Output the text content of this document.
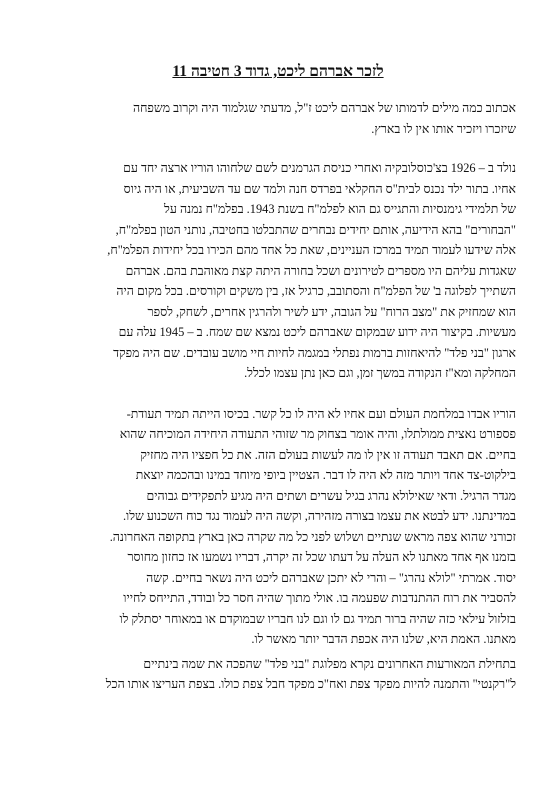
לזכר אברהם ליכט, גדוד 3 חטיבה 11
אכתוב כמה מילים לדמותו של אברהם ליכט ז"ל, מדעתי שגלמוד היה וקרוב משפחה
שיזכרו ויזכיר אותו אין לו בארץ.
נולד ב – 1926 בצ'כוסלובקיה ואחרי כניסת הגרמנים לשם שלחוהו הוריו ארצה יחד עם
אחיו. בתור ילד נכנס לבית"ס החקלאי בפרדס חנה ולמד שם עד השביעית, או היה גיוס
של תלמידי גימנסיות והתגייס גם הוא לפלמ"ח בשנת 1943. בפלמ"ח נמנה על
"הבחורים" בהא הידיעה, אותם יחידים נבחרים שהתבלטו בחטיבה, נותני הטון בפלמ"ח,
אלה שידעו לעמוד תמיד במרכז העניינים, שאת כל אחד מהם הכירו בכל יחידות הפלמ"ח,
שאגדות עליהם היו מספרים לטירונים ושכל בחורה היתה קצת מאוהבת בהם. אברהם
השתייך לפלוגה ב' של הפלמ"ח והסתובב, כרגיל אז, בין משקים וקורסים. בכל מקום היה
הוא שמחזיק את "מצב הרוח" על הגובה, ידע לשיר ולהרגין אחרים, לשחק, לספר
מעשיות. בקיצור היה ידוע שבמקום שאברהם ליכט נמצא שם שמח. ב – 1945 עלה עם
ארגון "בני פלד" להיאחזות ברמות נפתלי במגמה לחיות חיי מושב עובדים. שם היה מפקד
המחלקה ומא"ז הנקודה במשך זמן, וגם כאן נתן עצמו לכלל.
הוריו אבדו במלחמת העולם ועם אחיו לא היה לו כל קשר. בכיסו הייתה תמיד תעודת-
פספורט נאצית ממולתלו, והיה אומר בצחוק מר שזוהי התעודה היחידה המוכיחה שהוא
בחיים. אם תאבד תעודה זו אין לו מה לעשות בעולם הזה. את כל חפציו היה מחזיק
בילקוט-צד אחד ויותר מזה לא היה לו דבר. הצטיין ביופי מיוחד במינו ובהכמה יוצאת
מגדר הרגיל. ודאי שאילולא נהרג בגיל עשרים ושתים היה מגיע לתפקידים גבוהים
במדינתנו. ידע לבטא את עצמו בצורה מזהירה, וקשה היה לעמוד נגד כוח השכנוע שלו.
זכורני שהוא צפה מראש שנתיים ושלוש לפני כל מה שקרה כאן בארץ בתקופה האחרונה.
בזמנו אף אחד מאתנו לא העלה על דעתו שכל זה יקרה, דבריו נשמעו אז כחזון מחוסר
יסוד. אמרתי "לולא נהרג" – והרי לא יתכן שאברהם ליכט היה נשאר בחיים. קשה
להסביר את רוח ההתנדבות שפעמה בו. אולי מתוך שהיה חסר כל ובודד, התייחס לחייו
בזלזול עילאי כזה שהיה ברור תמיד גם לו וגם לנו חבריו שבמוקדם או במאוחר יסתלק לו
מאתנו. האמת היא, שלנו היה אכפת הדבר יותר מאשר לו.
בתחילת המאורעות האחרונים נקרא מפלוגת "בני פלד" שהפכה את שמה בינתיים
ל"רקנטי" והתמנה להיות מפקד צפת ואח"כ מפקד חבל צפת כולו. בצפת העריצו אותו הכל
